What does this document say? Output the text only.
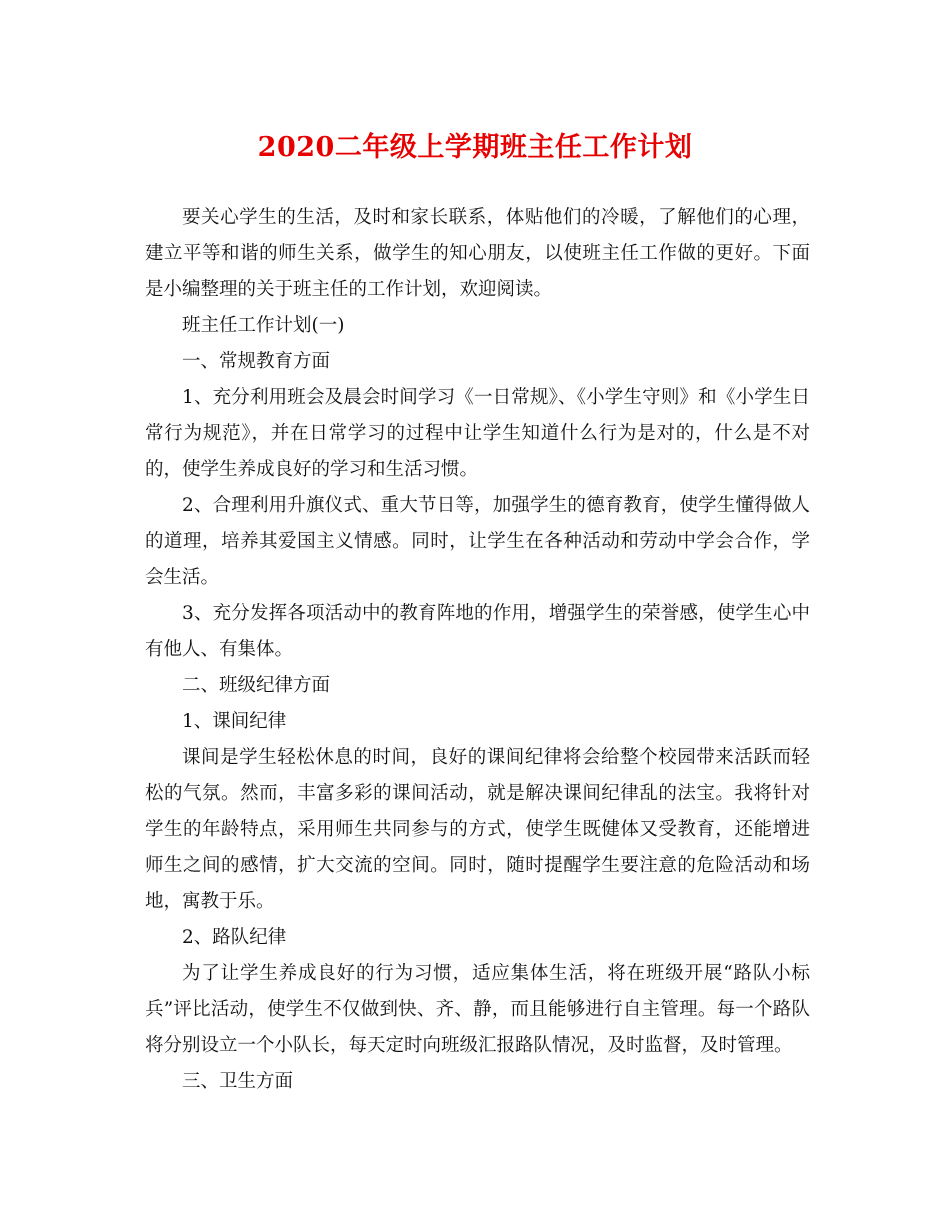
2020二年级上学期班主任工作计划

要关心学生的生活，及时和家长联系，体贴他们的冷暖，了解他们的心理，建立平等和谐的师生关系，做学生的知心朋友，以使班主任工作做的更好。下面是小编整理的关于班主任的工作计划，欢迎阅读。

班主任工作计划(一)

一、常规教育方面

1、充分利用班会及晨会时间学习《一日常规》、《小学生守则》和《小学生日常行为规范》，并在日常学习的过程中让学生知道什么行为是对的，什么是不对的，使学生养成良好的学习和生活习惯。

2、合理利用升旗仪式、重大节日等，加强学生的德育教育，使学生懂得做人的道理，培养其爱国主义情感。同时，让学生在各种活动和劳动中学会合作，学会生活。

3、充分发挥各项活动中的教育阵地的作用，增强学生的荣誉感，使学生心中有他人、有集体。

二、班级纪律方面

1、课间纪律

课间是学生轻松休息的时间，良好的课间纪律将会给整个校园带来活跃而轻松的气氛。然而，丰富多彩的课间活动，就是解决课间纪律乱的法宝。我将针对学生的年龄特点，采用师生共同参与的方式，使学生既健体又受教育，还能增进师生之间的感情，扩大交流的空间。同时，随时提醒学生要注意的危险活动和场地，寓教于乐。

2、路队纪律

为了让学生养成良好的行为习惯，适应集体生活，将在班级开展“路队小标兵”评比活动，使学生不仅做到快、齐、静，而且能够进行自主管理。每一个路队将分别设立一个小队长，每天定时向班级汇报路队情况，及时监督，及时管理。

三、卫生方面
